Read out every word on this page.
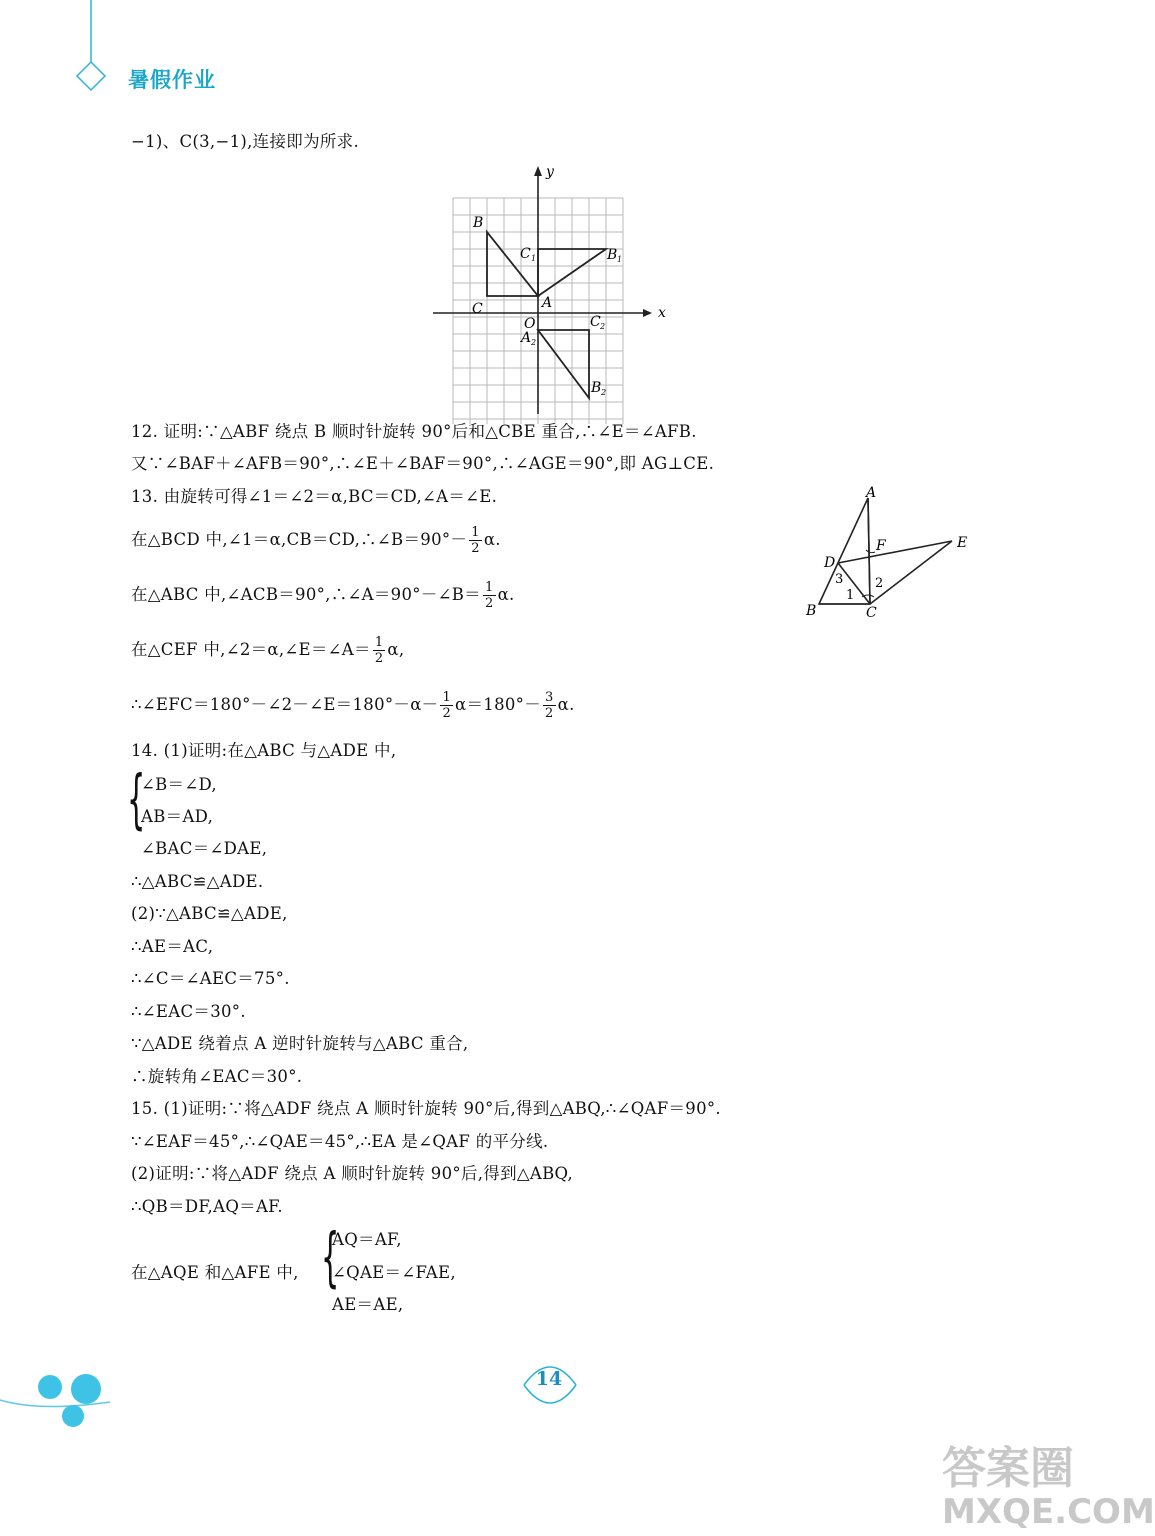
暑假作业
−1)、C(3,−1),连接即为所求.
x
y
O
B
C
C 1	B 1
A
C 2
A 2
B 2
12. 证明:∵△ABF 绕点 B 顺时针旋转 90°后和△CBE 重合,∴∠E＝∠AFB.
又∵∠BAF＋∠AFB＝90°,∴∠E＋∠BAF＝90°,∴∠AGE＝90°,即 AG⊥CE.
13. 由旋转可得∠1＝∠2＝α,BC＝CD,∠A＝∠E.
在△BCD 中,∠1＝α,CB＝CD,∴∠B＝90°－ $\frac{1}{2} \alpha$.
在△ABC 中,∠ACB＝90°,∴∠A＝90°－∠B＝ $\frac{1}{2} \alpha$.
在△CEF 中,∠2＝α,∠E＝∠A＝ $\frac{1}{2} \alpha$,
∴∠EFC＝180°－∠2－∠E＝180°－α－ $\frac{1}{2} \alpha=180^\circ- \frac{3}{2} \alpha$.
A
D
F	E
B	C
1
2
3
14. (1)证明:在△ABC 与△ADE 中,
{
∠B＝∠D,
AB＝AD,
∠BAC＝∠DAE,
∴△ABC≌△ADE.
(2)∵△ABC≌△ADE,
∴AE＝AC,
∴∠C＝∠AEC＝75°.
∴∠EAC＝30°.
∵△ADE 绕着点 A 逆时针旋转与△ABC 重合,
∴旋转角∠EAC＝30°.
15. (1)证明:∵将△ADF 绕点 A 顺时针旋转 90°后,得到△ABQ,∴∠QAF＝90°.
∵∠EAF＝45°,∴∠QAE＝45°,∴EA 是∠QAF 的平分线.
(2)证明:∵将△ADF 绕点 A 顺时针旋转 90°后,得到△ABQ,
∴QB＝DF,AQ＝AF.
在△AQE 和△AFE 中, {
AQ＝AF,
∠QAE＝∠FAE,
AE＝AE,
14
答案圈
MXQE.COM
